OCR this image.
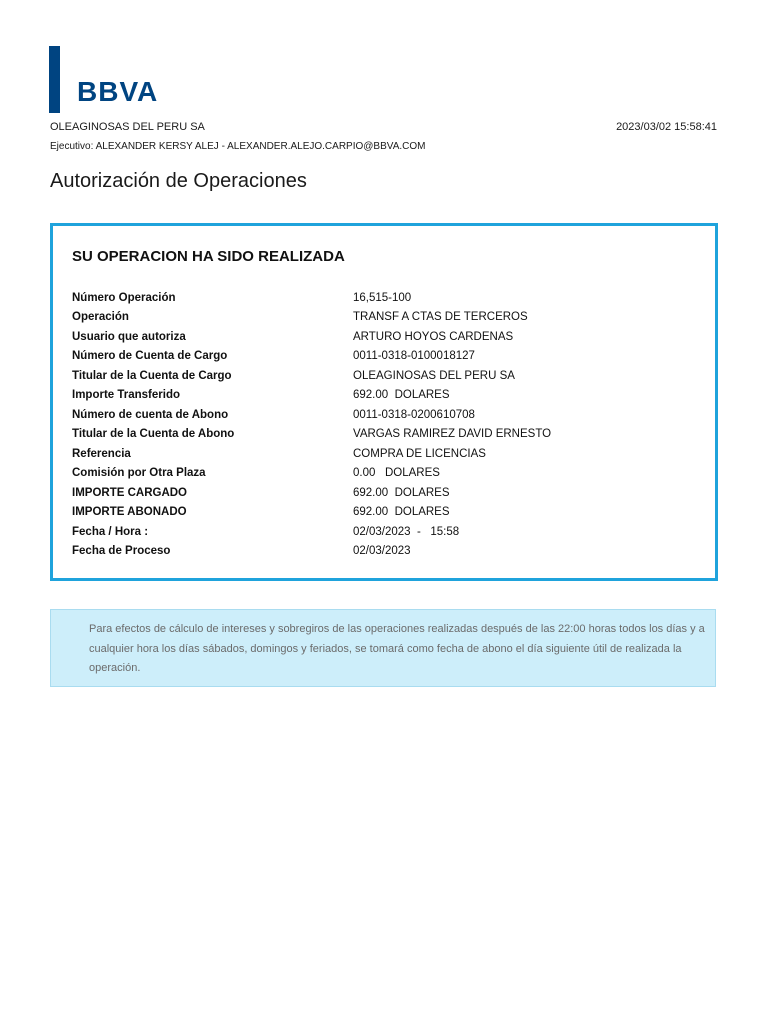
BBVA
OLEAGINOSAS DEL PERU SA	2023/03/02 15:58:41
Ejecutivo: ALEXANDER KERSY ALEJ - ALEXANDER.ALEJO.CARPIO@BBVA.COM
Autorización de Operaciones
SU OPERACION HA SIDO REALIZADA
Número Operación	16,515-100
Operación	TRANSF A CTAS DE TERCEROS
Usuario que autoriza	ARTURO HOYOS CARDENAS
Número de Cuenta de Cargo	0011-0318-0100018127
Titular de la Cuenta de Cargo	OLEAGINOSAS DEL PERU SA
Importe Transferido	692.00  DOLARES
Número de cuenta de Abono	0011-0318-0200610708
Titular de la Cuenta de Abono	VARGAS RAMIREZ DAVID ERNESTO
Referencia	COMPRA DE LICENCIAS
Comisión por Otra Plaza	0.00   DOLARES
IMPORTE CARGADO	692.00  DOLARES
IMPORTE ABONADO	692.00  DOLARES
Fecha / Hora :	02/03/2023  -   15:58
Fecha de Proceso	02/03/2023

Para efectos de cálculo de intereses y sobregiros de las operaciones realizadas después de las 22:00 horas todos los días y a cualquier hora los días sábados, domingos y feriados, se tomará como fecha de abono el día siguiente útil de realizada la operación.
